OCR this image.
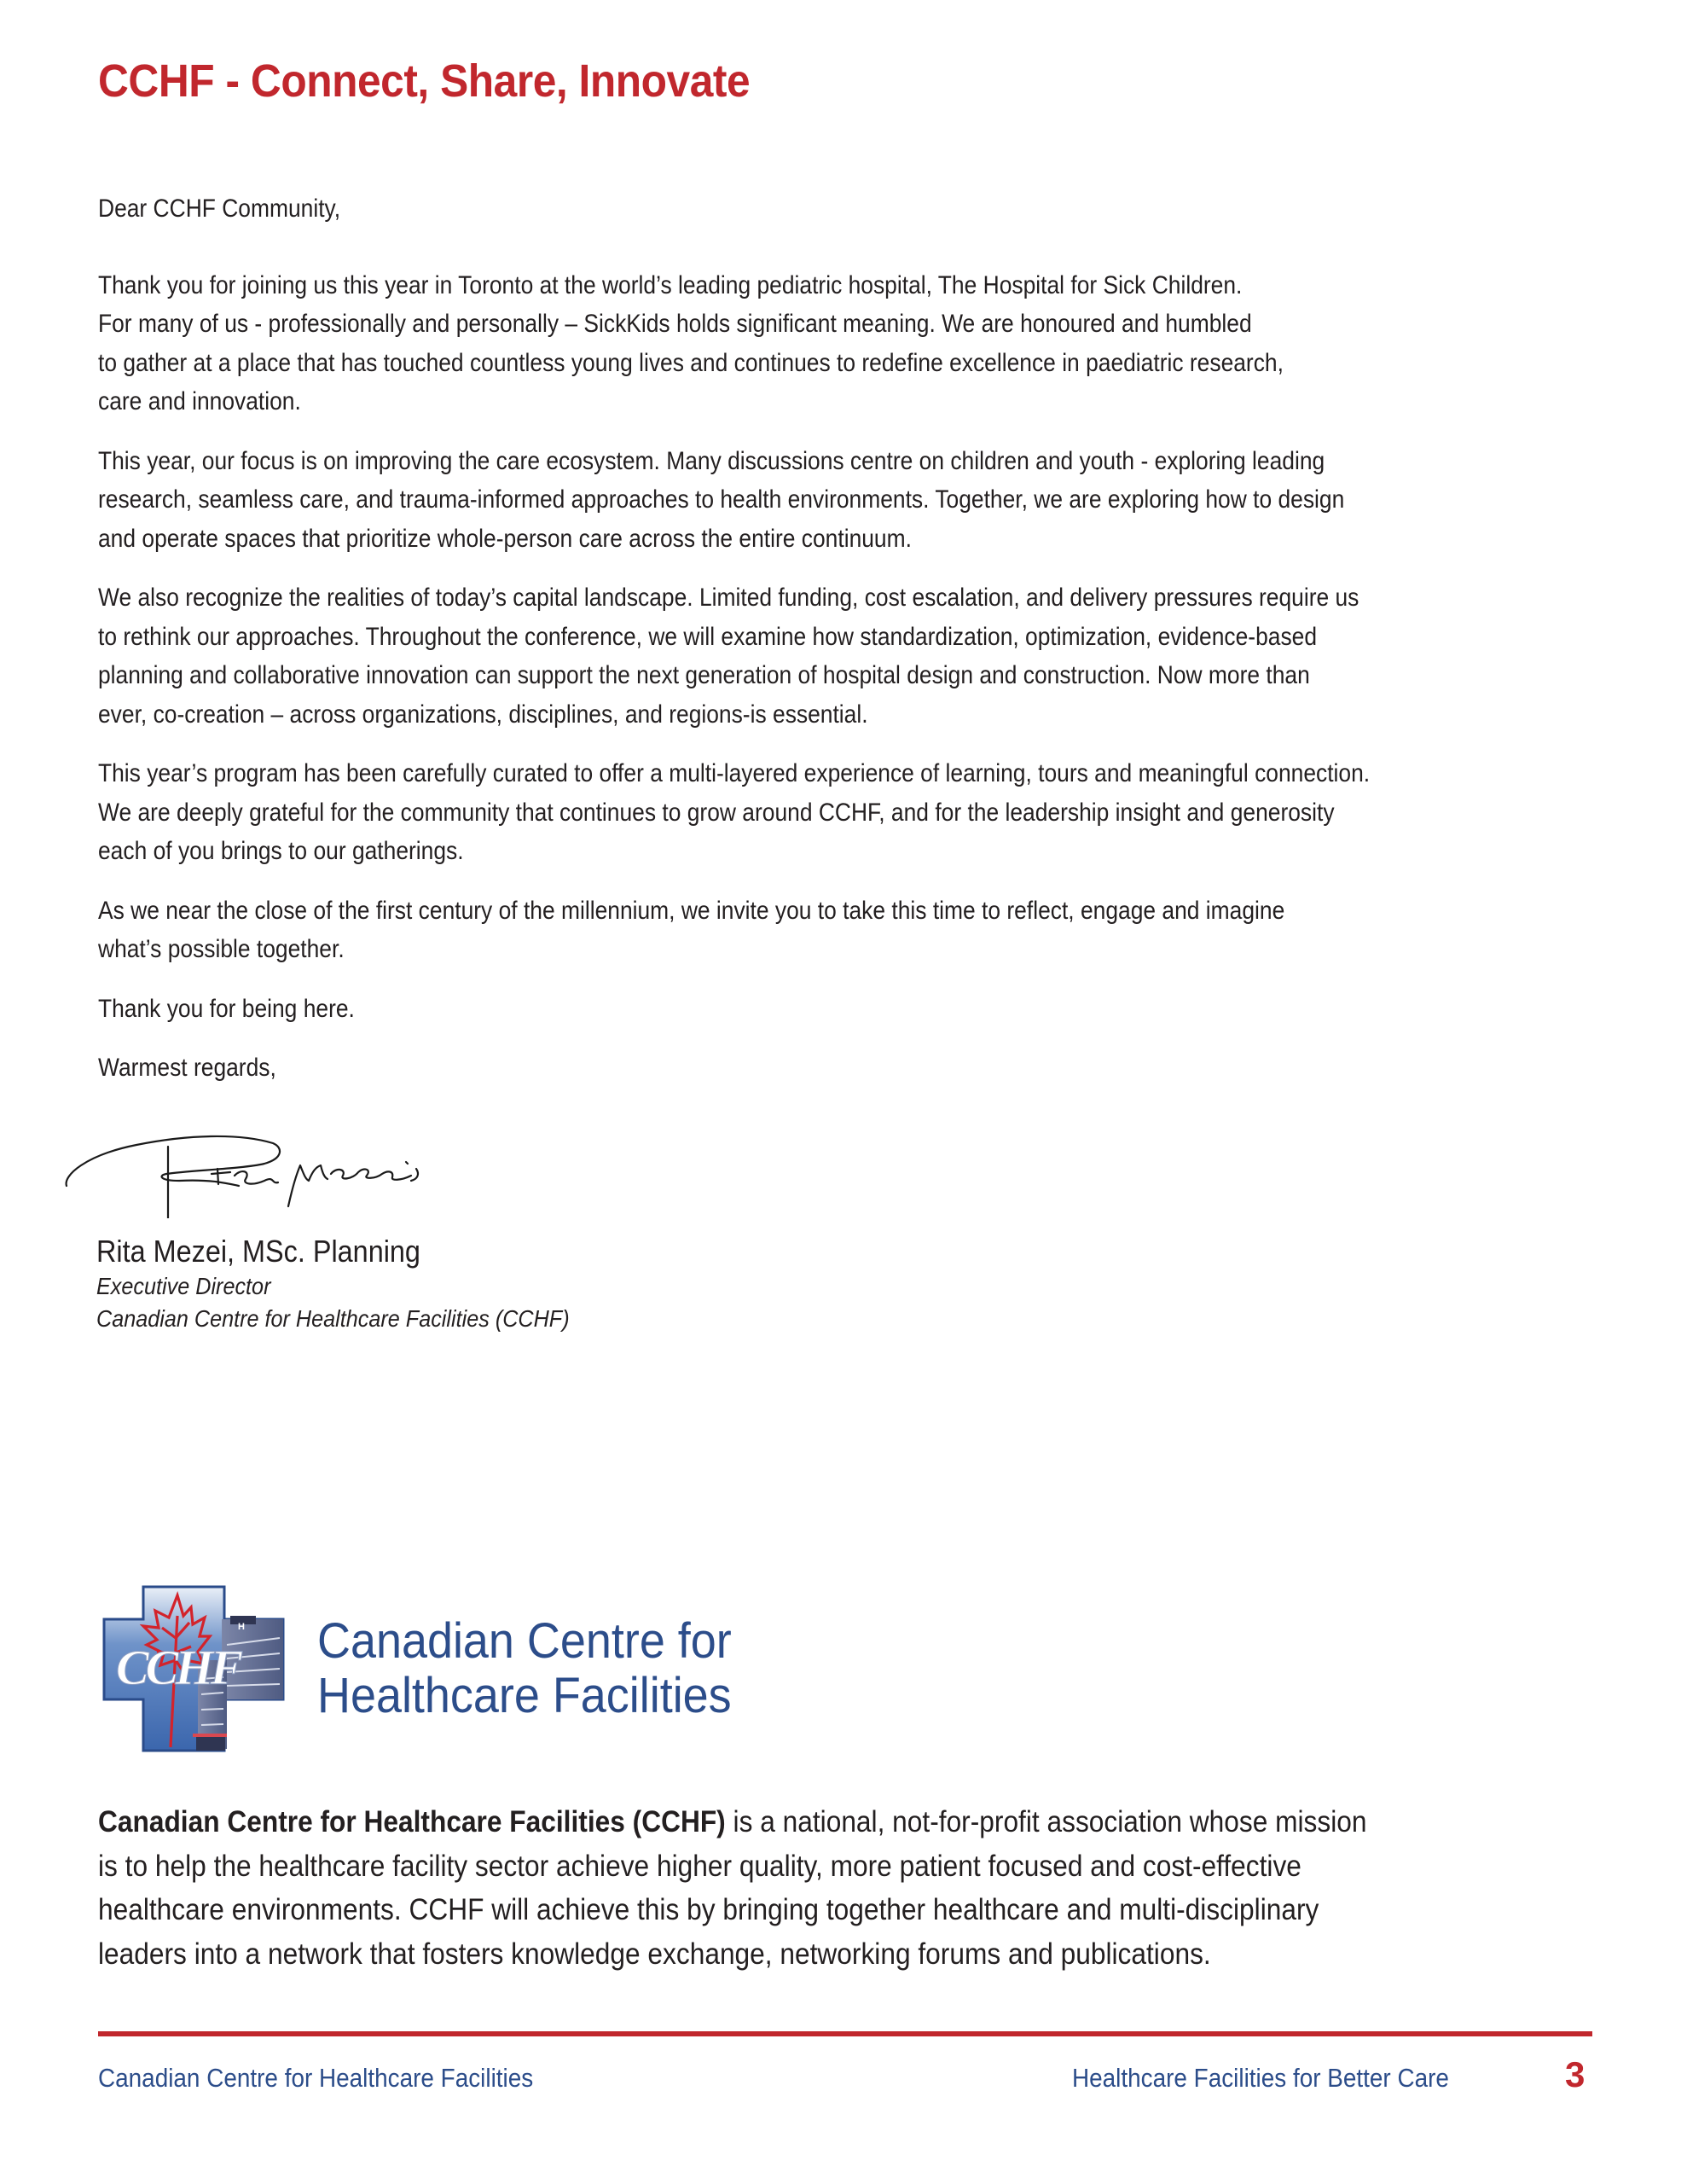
CCHF - Connect, Share, Innovate

Dear CCHF Community,

Thank you for joining us this year in Toronto at the world’s leading pediatric hospital, The Hospital for Sick Children.
For many of us - professionally and personally – SickKids holds significant meaning. We are honoured and humbled
to gather at a place that has touched countless young lives and continues to redefine excellence in paediatric research,
care and innovation.

This year, our focus is on improving the care ecosystem. Many discussions centre on children and youth - exploring leading
research, seamless care, and trauma-informed approaches to health environments. Together, we are exploring how to design
and operate spaces that prioritize whole-person care across the entire continuum.

We also recognize the realities of today’s capital landscape. Limited funding, cost escalation, and delivery pressures require us
to rethink our approaches. Throughout the conference, we will examine how standardization, optimization, evidence-based
planning and collaborative innovation can support the next generation of hospital design and construction. Now more than
ever, co-creation – across organizations, disciplines, and regions-is essential.

This year’s program has been carefully curated to offer a multi-layered experience of learning, tours and meaningful connection.
We are deeply grateful for the community that continues to grow around CCHF, and for the leadership insight and generosity
each of you brings to our gatherings.

As we near the close of the first century of the millennium, we invite you to take this time to reflect, engage and imagine
what’s possible together.

Thank you for being here.

Warmest regards,

Rita Mezei, MSc. Planning
Executive Director
Canadian Centre for Healthcare Facilities (CCHF)
H
CCHF Canadian Centre for
Healthcare Facilities
Canadian Centre for Healthcare Facilities (CCHF) is a national, not-for-profit association whose mission
is to help the healthcare facility sector achieve higher quality, more patient focused and cost-effective
healthcare environments. CCHF will achieve this by bringing together healthcare and multi-disciplinary
leaders into a network that fosters knowledge exchange, networking forums and publications.
Canadian Centre for Healthcare Facilities	Healthcare Facilities for Better Care	3
